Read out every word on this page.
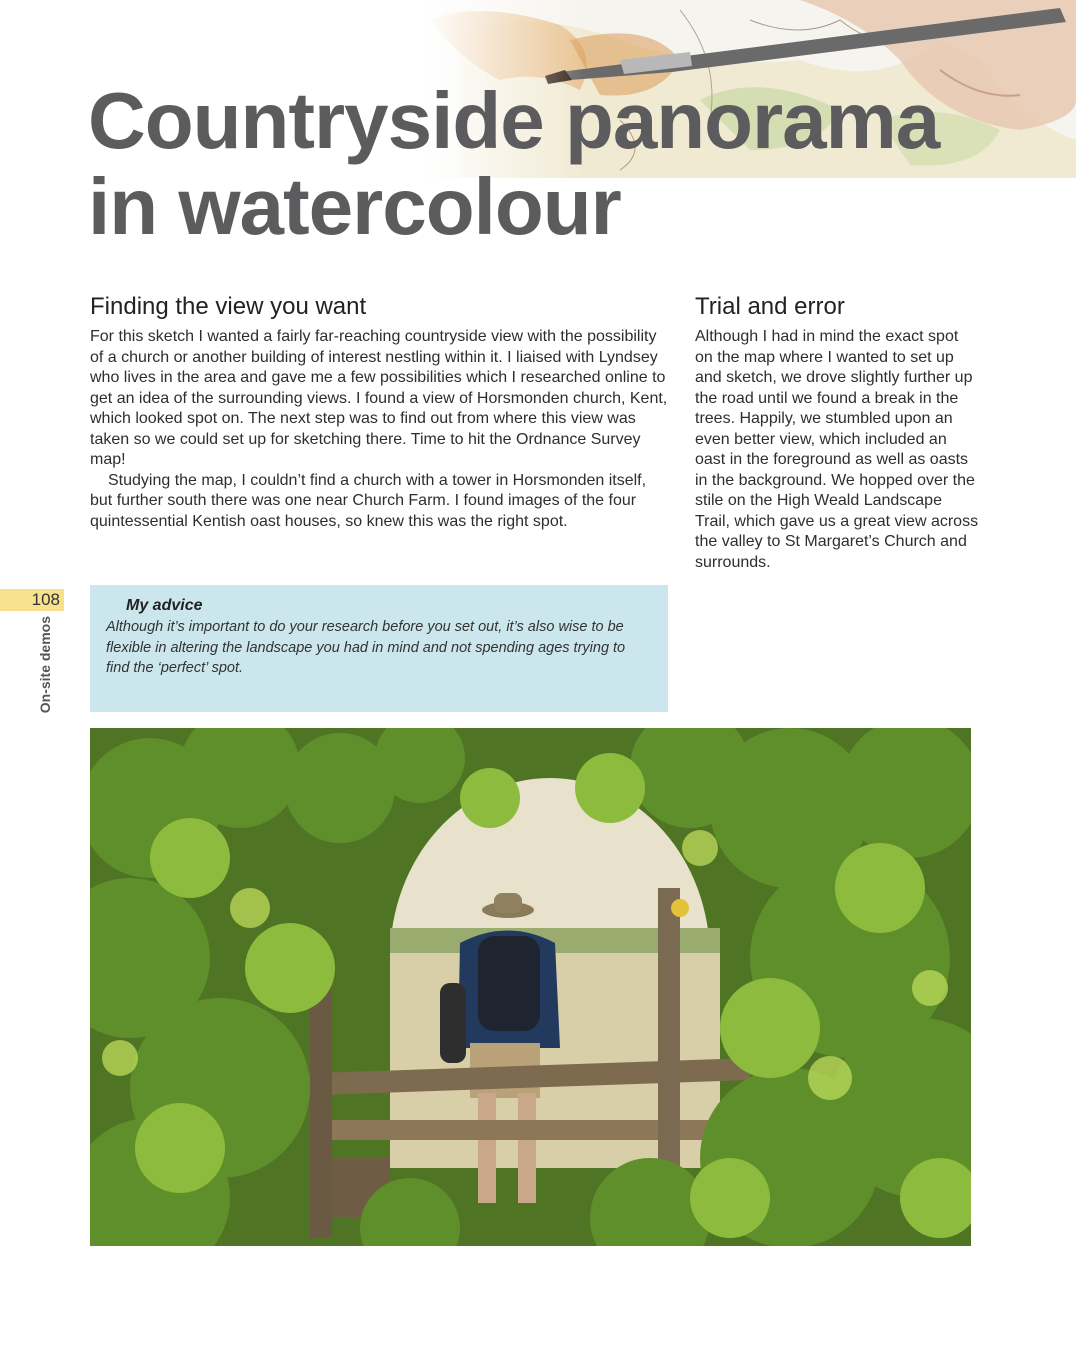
Countryside panorama
in watercolour
Finding the view you want

For this sketch I wanted a fairly far-reaching countryside view with the possibility of a church or another building of interest nestling within it. I liaised with Lyndsey who lives in the area and gave me a few possibilities which I researched online to get an idea of the surrounding views. I found a view of Horsmonden church, Kent, which looked spot on. The next step was to find out from where this view was taken so we could set up for sketching there. Time to hit the Ordnance Survey map!

Studying the map, I couldn’t find a church with a tower in Horsmonden itself, but further south there was one near Church Farm. I found images of the four quintessential Kentish oast houses, so knew this was the right spot.

Trial and error

Although I had in mind the exact spot on the map where I wanted to set up and sketch, we drove slightly further up the road until we found a break in the trees. Happily, we stumbled upon an even better view, which included an oast in the foreground as well as oasts in the background. We hopped over the stile on the High Weald Landscape Trail, which gave us a great view across the valley to St Margaret’s Church and surrounds.

108
On-site demos
My advice

Although it’s important to do your research before you set out, it’s also wise to be flexible in altering the landscape you had in mind and not spending ages trying to find the ‘perfect’ spot.
